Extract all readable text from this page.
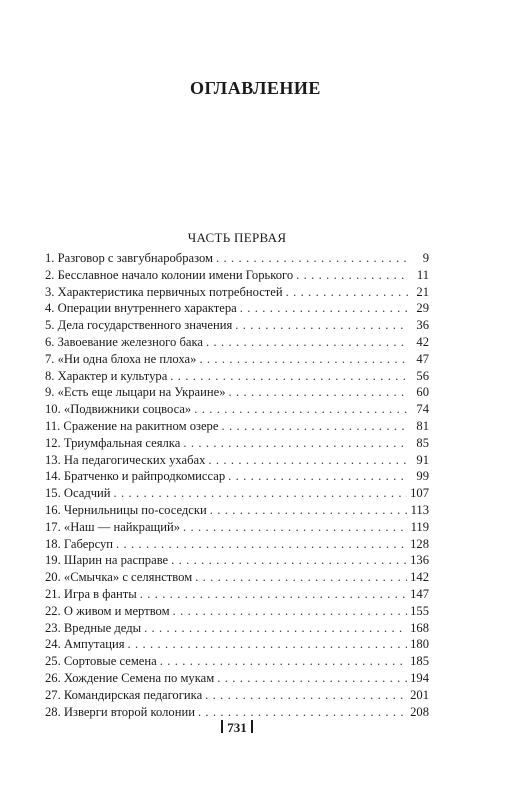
ОГЛАВЛЕНИЕ
ЧАСТЬ ПЕРВАЯ
1. Разговор с завгубнаробразом . . .	9
2. Бесславное начало колонии имени Горького . . .	11
3. Характеристика первичных потребностей . . .	21
4. Операции внутреннего характера . . .	29
5. Дела государственного значения . . .	36
6. Завоевание железного бака . . .	42
7. «Ни одна блоха не плоха» . . .	47
8. Характер и культура . . .	56
9. «Есть еще лыцари на Украине» . . .	60
10. «Подвижники соцвоса» . . .	74
11. Сражение на ракитном озере . . .	81
12. Триумфальная сеялка . . .	85
13. На педагогических ухабах . . .	91
14. Братченко и райпродкомиссар . . .	99
15. Осадчий . . .	107
16. Чернильницы по-соседски . . .	113
17. «Наш — найкращий» . . .	119
18. Габерсуп . . .	128
19. Шарин на расправе . . .	136
20. «Смычка» с селянством . . .	142
21. Игра в фанты . . .	147
22. О живом и мертвом . . .	155
23. Вредные деды . . .	168
24. Ампутация . . .	180
25. Сортовые семена . . .	185
26. Хождение Семена по мукам . . .	194
27. Командирская педагогика . . .	201
28. Изверги второй колонии . . .	208
731
